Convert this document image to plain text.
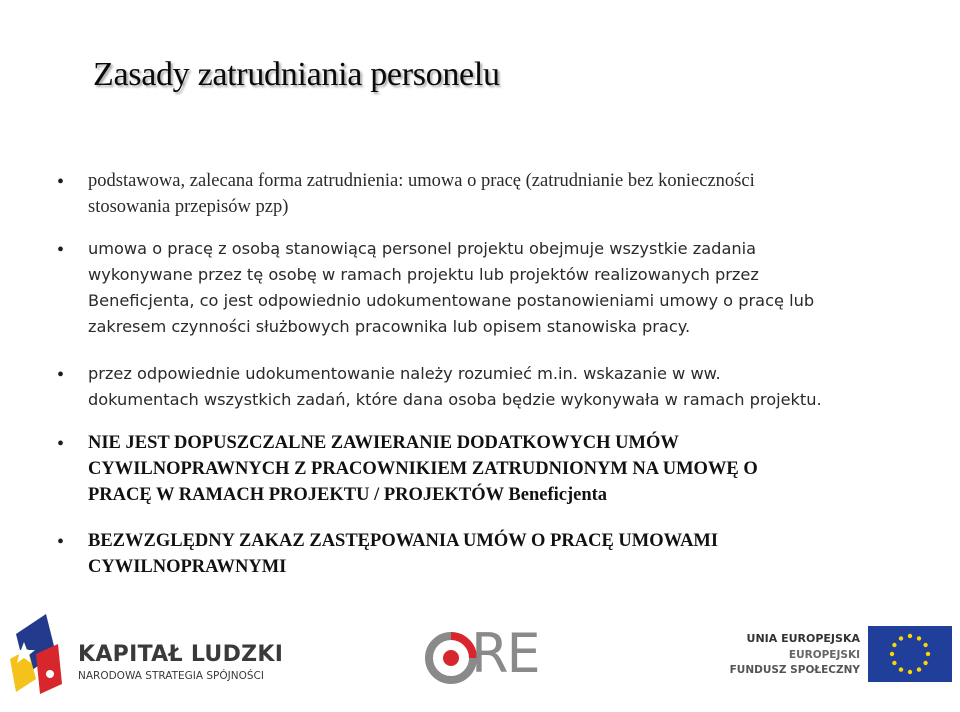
Zasady zatrudniania personelu
• podstawowa, zalecana forma zatrudnienia: umowa o pracę (zatrudnianie bez konieczności
stosowania przepisów pzp)
• umowa o pracę z osobą stanowiącą personel projektu obejmuje wszystkie zadania
wykonywane przez tę osobę w ramach projektu lub projektów realizowanych przez
Beneficjenta, co jest odpowiednio udokumentowane postanowieniami umowy o pracę lub
zakresem czynności służbowych pracownika lub opisem stanowiska pracy.
• przez odpowiednie udokumentowanie należy rozumieć m.in. wskazanie w ww.
dokumentach wszystkich zadań, które dana osoba będzie wykonywała w ramach projektu.
• NIE JEST DOPUSZCZALNE ZAWIERANIE DODATKOWYCH UMÓW
CYWILNOPRAWNYCH Z PRACOWNIKIEM ZATRUDNIONYM NA UMOWĘ O
PRACĘ W RAMACH PROJEKTU / PROJEKTÓW Beneficjenta
• BEZWZGLĘDNY ZAKAZ ZASTĘPOWANIA UMÓW O PRACĘ UMOWAMI
CYWILNOPRAWNYMI
KAPITAŁ LUDZKI
NARODOWA STRATEGIA SPÓJNOŚCI	RE	UNIA EUROPEJSKA
EUROPEJSKI
FUNDUSZ SPOŁECZNY
